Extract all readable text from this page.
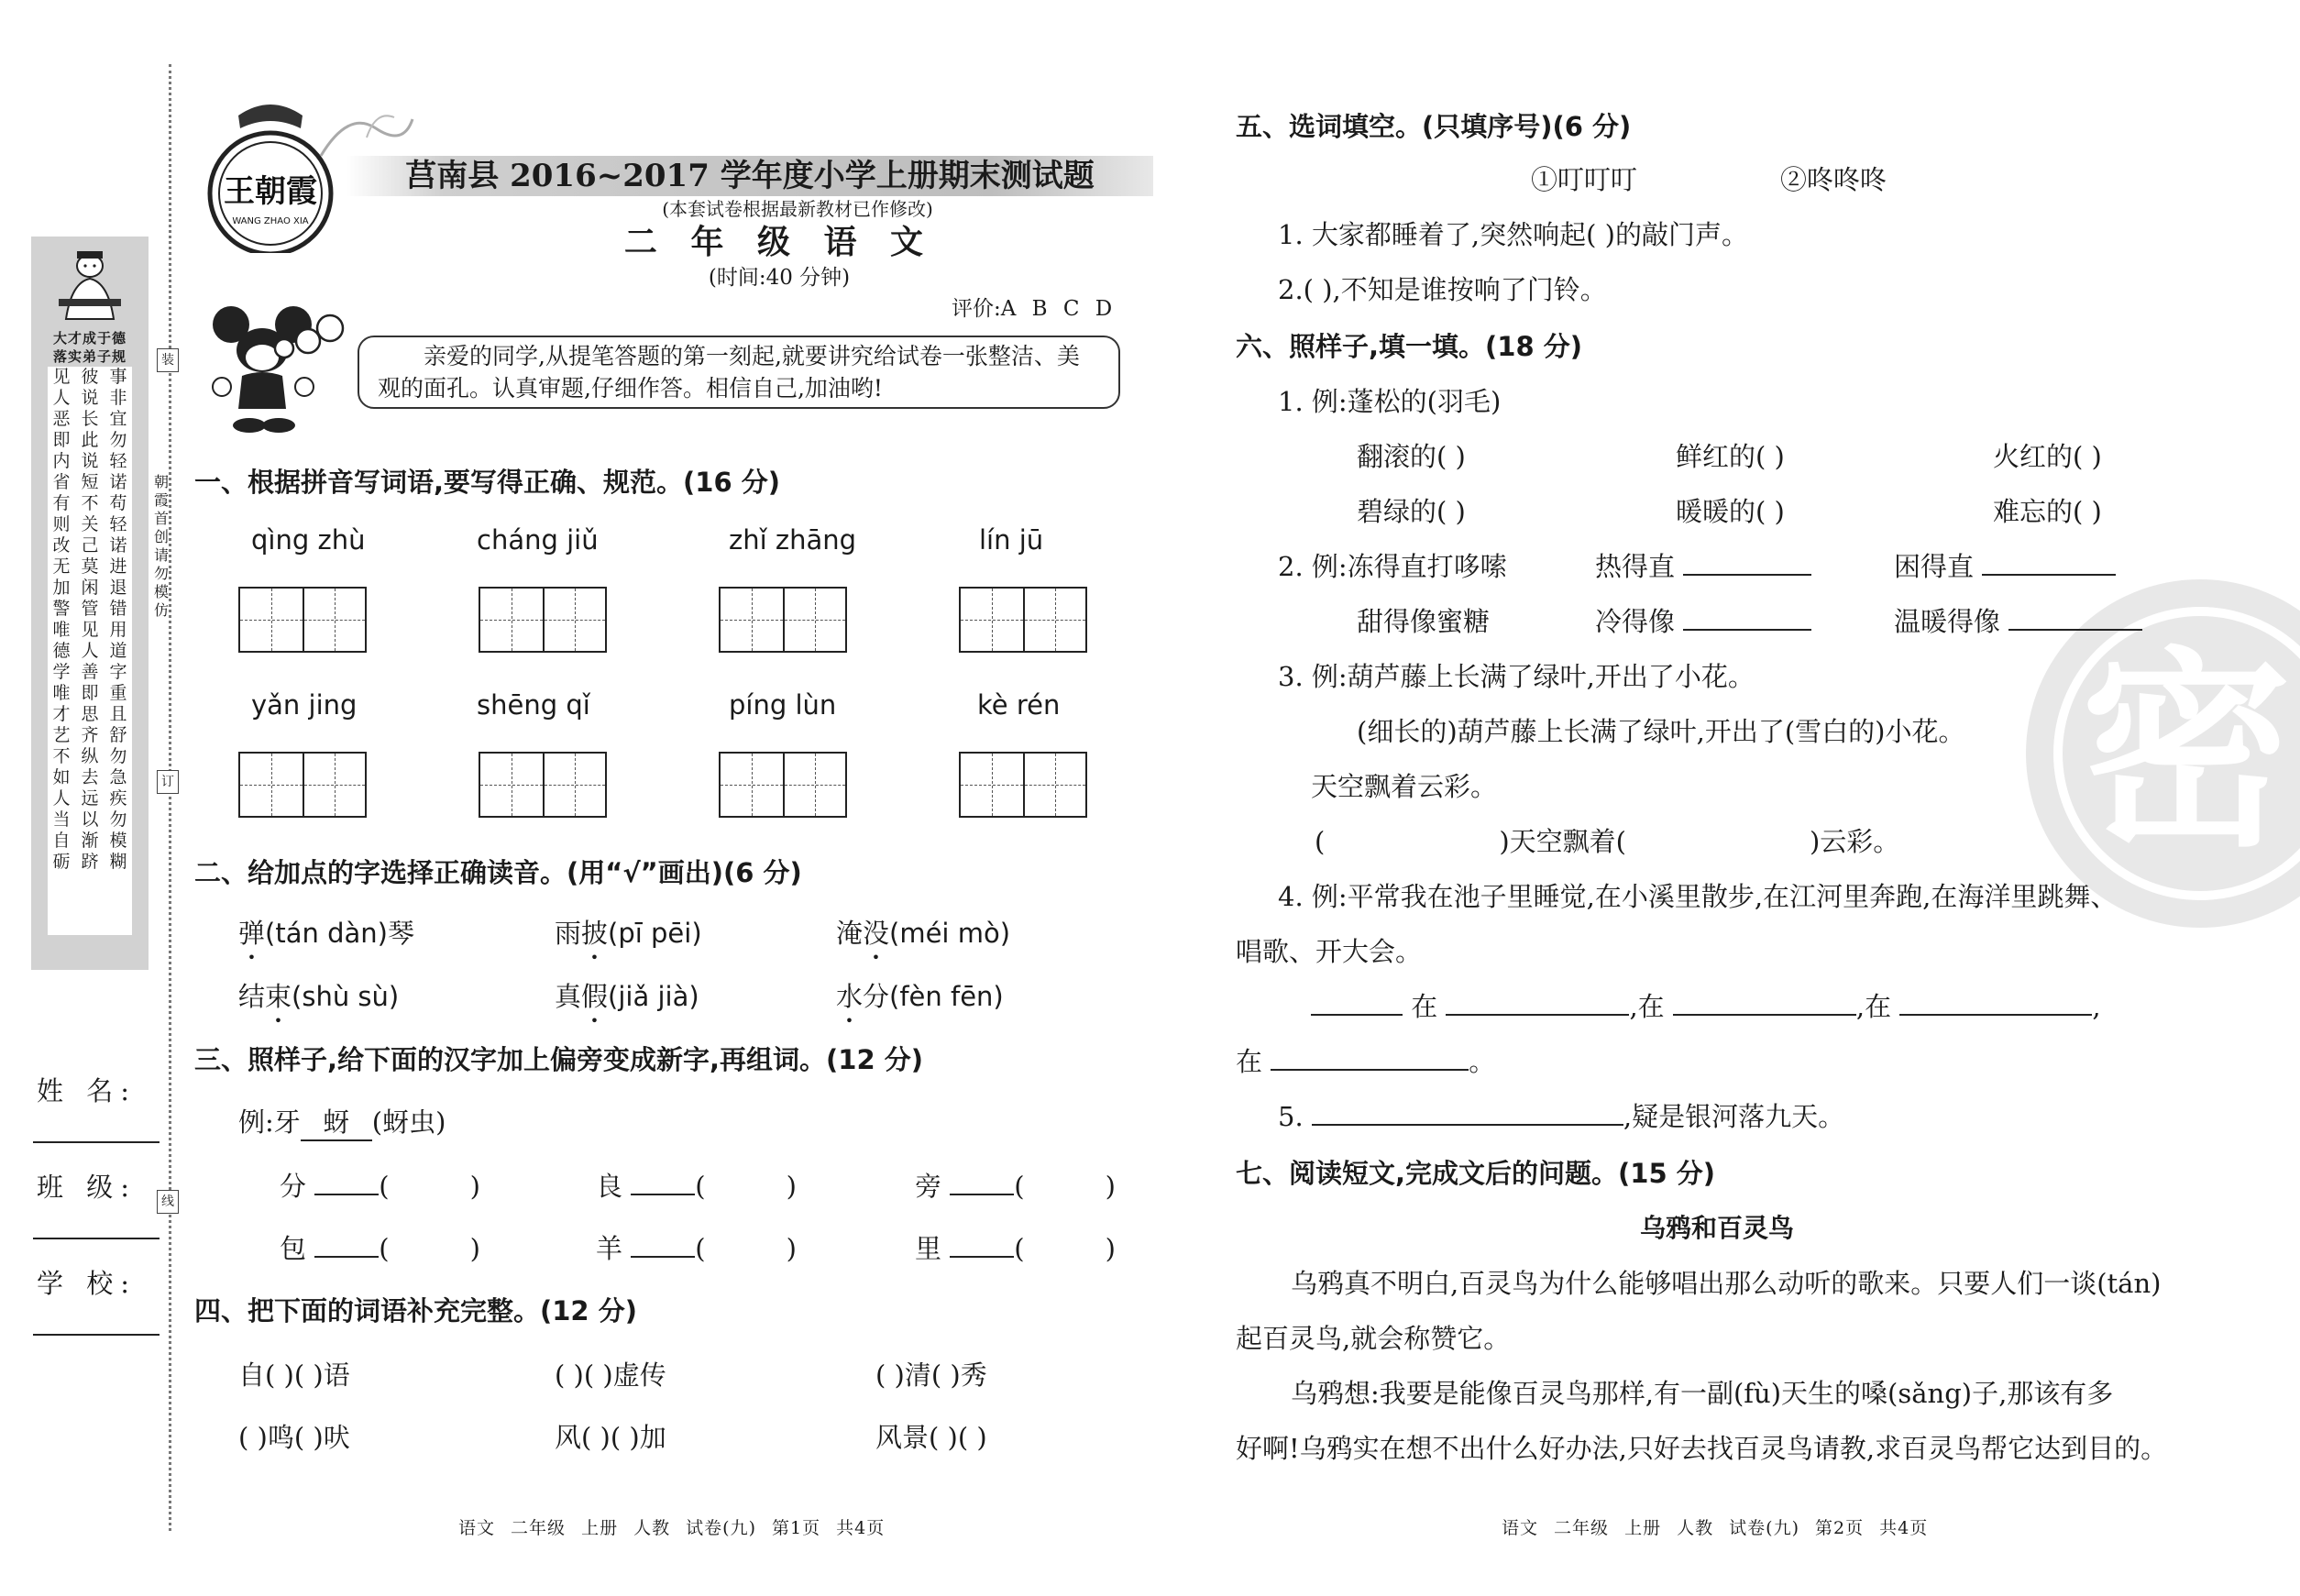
大才成于德
落实弟子规
见人恶即内省有则改无加警唯德学唯才艺不如人当自砺
彼说长此说短不关己莫闲管见人善即思齐纵去远以渐跻
事非宜勿轻诺苟轻诺进退错用道字重且舒勿急疾勿模糊
姓 名:
班 级:
学 校:
朝霞首创 请勿模仿
装
订
线
王朝霞
WANG ZHAO XIA
莒南县 2016~2017 学年度小学上册期末测试题
(本套试卷根据最新教材已作修改)
二 年 级 语 文
(时间:40 分钟)
评价:A B C D
亲爱的同学,从提笔答题的第一刻起,就要讲究给试卷一张整洁、美观的面孔。认真审题,仔细作答。相信自己,加油哟!
一、根据拼音写词语,要写得正确、规范。(16 分)
qìng zhù	cháng jiǔ	zhǐ zhāng	lín jū
yǎn jing	shēng qǐ	píng lùn	kè rén
二、给加点的字选择正确读音。(用“√”画出)(6 分)
弹(tán dàn)琴	雨披(pī pēi)	淹没(méi mò)
结束(shù sù)	真假(jiǎ jià)	水分(fèn fēn)
三、照样子,给下面的汉字加上偏旁变成新字,再组词。(12 分)
例:牙 蚜 (蚜虫)
分	(	)	良	(	)	旁	(	)
包	(	)	羊	(	)	里	(	)
四、把下面的词语补充完整。(12 分)
自( )( )语	( )( )虚传	( )清( )秀
( )鸣( )吠	风( )( )加	风景( )( )
语文 二年级 上册 人教 试卷(九) 第1页 共4页
密
五、选词填空。(只填序号)(6 分)
①叮叮叮	②咚咚咚
1. 大家都睡着了,突然响起( )的敲门声。
2.( ),不知是谁按响了门铃。
六、照样子,填一填。(18 分)
1. 例:蓬松的(羽毛)
翻滚的( )	鲜红的( )	火红的( )
碧绿的( )	暖暖的( )	难忘的( )
2. 例:冻得直打哆嗦	热得直	困得直
甜得像蜜糖	冷得像	温暖得像
3. 例:葫芦藤上长满了绿叶,开出了小花。
(细长的)葫芦藤上长满了绿叶,开出了(雪白的)小花。
天空飘着云彩。
(	)天空飘着(	)云彩。
4. 例:平常我在池子里睡觉,在小溪里散步,在江河里奔跑,在海洋里跳舞、
唱歌、开大会。
在	,在	,在	,
在	。
5.	,疑是银河落九天。
七、阅读短文,完成文后的问题。(15 分)
乌鸦和百灵鸟
乌鸦真不明白,百灵鸟为什么能够唱出那么动听的歌来。只要人们一谈(tán)
起百灵鸟,就会称赞它。
乌鸦想:我要是能像百灵鸟那样,有一副(fù)天生的嗓(sǎng)子,那该有多
好啊!乌鸦实在想不出什么好办法,只好去找百灵鸟请教,求百灵鸟帮它达到目的。
语文 二年级 上册 人教 试卷(九) 第2页 共4页
